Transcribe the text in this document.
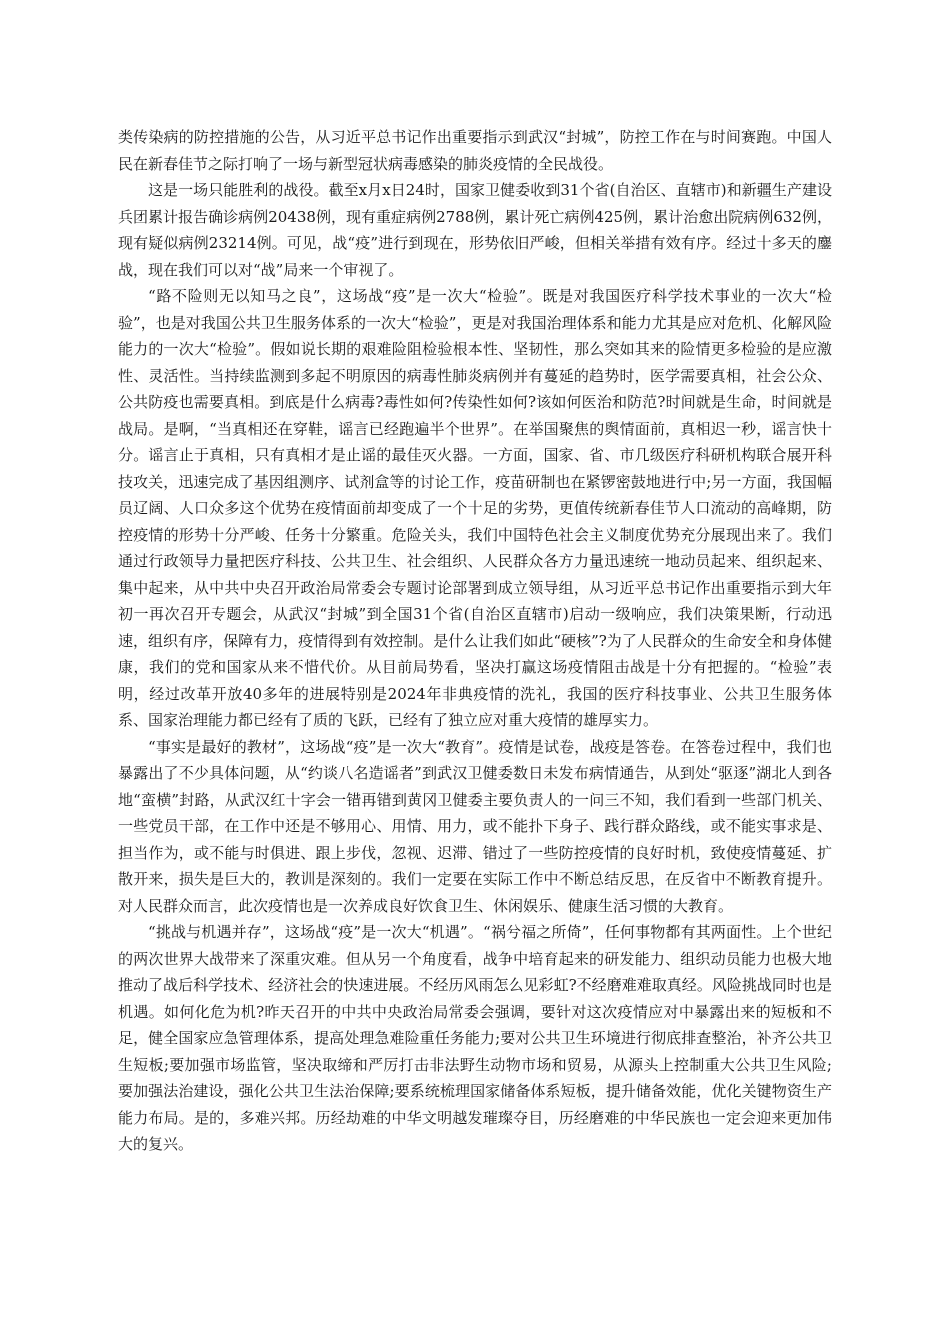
类传染病的防控措施的公告，从习近平总书记作出重要指示到武汉“封城”，防控工作在与时间赛跑。中国人民在新春佳节之际打响了一场与新型冠状病毒感染的肺炎疫情的全民战役。

这是一场只能胜利的战役。截至x月x日24时，国家卫健委收到31个省(自治区、直辖市)和新疆生产建设兵团累计报告确诊病例20438例，现有重症病例2788例，累计死亡病例425例，累计治愈出院病例632例，现有疑似病例23214例。可见，战“疫”进行到现在，形势依旧严峻，但相关举措有效有序。经过十多天的鏖战，现在我们可以对“战”局来一个审视了。

“路不险则无以知马之良”，这场战“疫”是一次大“检验”。既是对我国医疗科学技术事业的一次大“检验”，也是对我国公共卫生服务体系的一次大“检验”，更是对我国治理体系和能力尤其是应对危机、化解风险能力的一次大“检验”。假如说长期的艰难险阻检验根本性、坚韧性，那么突如其来的险情更多检验的是应激性、灵活性。当持续监测到多起不明原因的病毒性肺炎病例并有蔓延的趋势时，医学需要真相，社会公众、公共防疫也需要真相。到底是什么病毒?毒性如何?传染性如何?该如何医治和防范?时间就是生命，时间就是战局。是啊，“当真相还在穿鞋，谣言已经跑遍半个世界”。在举国聚焦的舆情面前，真相迟一秒，谣言快十分。谣言止于真相，只有真相才是止谣的最佳灭火器。一方面，国家、省、市几级医疗科研机构联合展开科技攻关，迅速完成了基因组测序、试剂盒等的讨论工作，疫苗研制也在紧锣密鼓地进行中;另一方面，我国幅员辽阔、人口众多这个优势在疫情面前却变成了一个十足的劣势，更值传统新春佳节人口流动的高峰期，防控疫情的形势十分严峻、任务十分繁重。危险关头，我们中国特色社会主义制度优势充分展现出来了。我们通过行政领导力量把医疗科技、公共卫生、社会组织、人民群众各方力量迅速统一地动员起来、组织起来、集中起来，从中共中央召开政治局常委会专题讨论部署到成立领导组，从习近平总书记作出重要指示到大年初一再次召开专题会，从武汉“封城”到全国31个省(自治区直辖市)启动一级响应，我们决策果断，行动迅速，组织有序，保障有力，疫情得到有效控制。是什么让我们如此“硬核”?为了人民群众的生命安全和身体健康，我们的党和国家从来不惜代价。从目前局势看，坚决打赢这场疫情阻击战是十分有把握的。“检验”表明，经过改革开放40多年的进展特别是2024年非典疫情的洗礼，我国的医疗科技事业、公共卫生服务体系、国家治理能力都已经有了质的飞跃，已经有了独立应对重大疫情的雄厚实力。

“事实是最好的教材”，这场战“疫”是一次大“教育”。疫情是试卷，战疫是答卷。在答卷过程中，我们也暴露出了不少具体问题，从“约谈八名造谣者”到武汉卫健委数日未发布病情通告，从到处“驱逐”湖北人到各地“蛮横”封路，从武汉红十字会一错再错到黄冈卫健委主要负责人的一问三不知，我们看到一些部门机关、一些党员干部，在工作中还是不够用心、用情、用力，或不能扑下身子、践行群众路线，或不能实事求是、担当作为，或不能与时俱进、跟上步伐，忽视、迟滞、错过了一些防控疫情的良好时机，致使疫情蔓延、扩散开来，损失是巨大的，教训是深刻的。我们一定要在实际工作中不断总结反思，在反省中不断教育提升。对人民群众而言，此次疫情也是一次养成良好饮食卫生、休闲娱乐、健康生活习惯的大教育。

“挑战与机遇并存”，这场战“疫”是一次大“机遇”。“祸兮福之所倚”，任何事物都有其两面性。上个世纪的两次世界大战带来了深重灾难。但从另一个角度看，战争中培育起来的研发能力、组织动员能力也极大地推动了战后科学技术、经济社会的快速进展。不经历风雨怎么见彩虹?不经磨难难取真经。风险挑战同时也是机遇。如何化危为机?昨天召开的中共中央政治局常委会强调，要针对这次疫情应对中暴露出来的短板和不足，健全国家应急管理体系，提高处理急难险重任务能力;要对公共卫生环境进行彻底排查整治，补齐公共卫生短板;要加强市场监管，坚决取缔和严厉打击非法野生动物市场和贸易，从源头上控制重大公共卫生风险;要加强法治建设，强化公共卫生法治保障;要系统梳理国家储备体系短板，提升储备效能，优化关键物资生产能力布局。是的，多难兴邦。历经劫难的中华文明越发璀璨夺目，历经磨难的中华民族也一定会迎来更加伟大的复兴。
